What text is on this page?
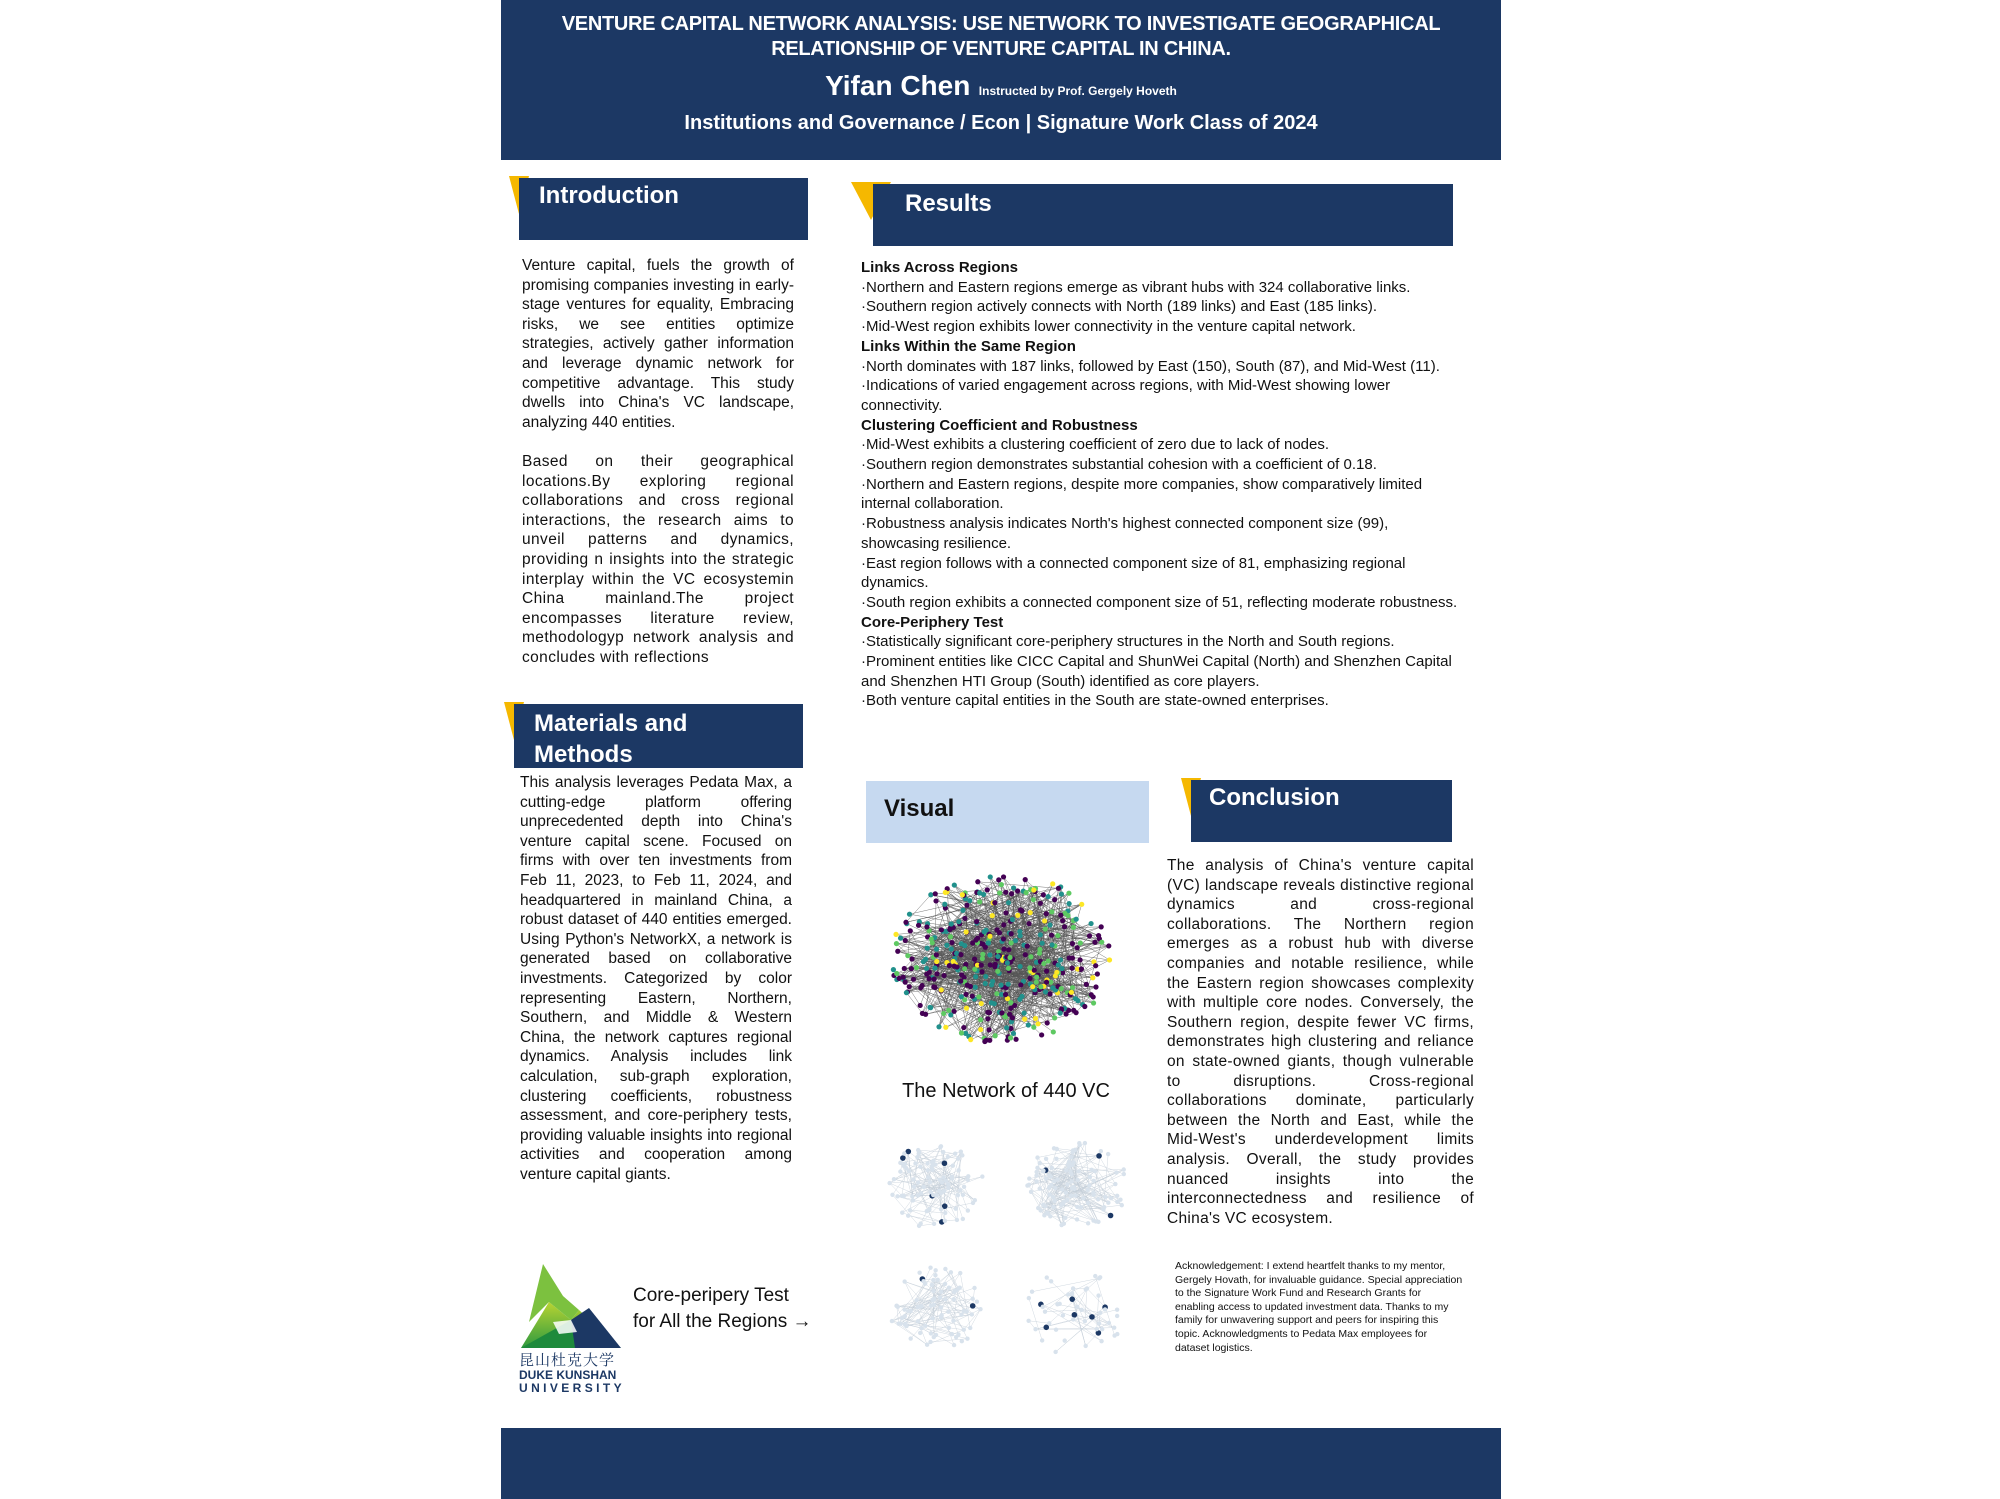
VENTURE CAPITAL NETWORK ANALYSIS: USE NETWORK TO INVESTIGATE GEOGRAPHICAL RELATIONSHIP OF VENTURE CAPITAL IN CHINA.
Yifan Chen Instructed by Prof. Gergely Hoveth
Institutions and Governance / Econ | Signature Work Class of 2024
Introduction
Venture capital, fuels the growth of promising companies investing in early-stage ventures for equality, Embracing risks, we see entities optimize strategies, actively gather information and leverage dynamic network for competitive advantage. This study dwells into China's VC landscape, analyzing 440 entities.
Based on their geographical locations.By exploring regional collaborations and cross regional interactions, the research aims to unveil patterns and dynamics, providing n insights into the strategic interplay within the VC ecosystemin China mainland.The project encompasses literature review, methodologyp network analysis and concludes with reflections
Materials and
Methods
This analysis leverages Pedata Max, a cutting-edge platform offering unprecedented depth into China's venture capital scene. Focused on firms with over ten investments from Feb 11, 2023, to Feb 11, 2024, and headquartered in mainland China, a robust dataset of 440 entities emerged. Using Python's NetworkX, a network is generated based on collaborative investments. Categorized by color representing Eastern, Northern, Southern, and Middle & Western China, the network captures regional dynamics. Analysis includes link calculation, sub-graph exploration, clustering coefficients, robustness assessment, and core-periphery tests, providing valuable insights into regional activities and cooperation among venture capital giants.
昆山杜克大学
DUKE KUNSHAN
UNIVERSITY
Core-peripery Test
for All the Regions →
Results

Links Across Regions

·Northern and Eastern regions emerge as vibrant hubs with 324 collaborative links.

·Southern region actively connects with North (189 links) and East (185 links).

·Mid-West region exhibits lower connectivity in the venture capital network.

Links Within the Same Region

·North dominates with 187 links, followed by East (150), South (87), and Mid-West (11).

·Indications of varied engagement across regions, with Mid-West showing lower connectivity.

Clustering Coefficient and Robustness

·Mid-West exhibits a clustering coefficient of zero due to lack of nodes.

·Southern region demonstrates substantial cohesion with a coefficient of 0.18.

·Northern and Eastern regions, despite more companies, show comparatively limited internal collaboration.

·Robustness analysis indicates North's highest connected component size (99), showcasing resilience.

·East region follows with a connected component size of 81, emphasizing regional dynamics.

·South region exhibits a connected component size of 51, reflecting moderate robustness.

Core-Periphery Test

·Statistically significant core-periphery structures in the North and South regions.

·Prominent entities like CICC Capital and ShunWei Capital (North) and Shenzhen Capital and Shenzhen HTI Group (South) identified as core players.

·Both venture capital entities in the South are state-owned enterprises.

Visual
The Network of 440 VC
Conclusion
The analysis of China's venture capital (VC) landscape reveals distinctive regional dynamics and cross-regional collaborations. The Northern region emerges as a robust hub with diverse companies and notable resilience, while the Eastern region showcases complexity with multiple core nodes. Conversely, the Southern region, despite fewer VC firms, demonstrates high clustering and reliance on state-owned giants, though vulnerable to disruptions. Cross-regional collaborations dominate, particularly between the North and East, while the Mid-West's underdevelopment limits analysis. Overall, the study provides nuanced insights into the interconnectedness and resilience of China's VC ecosystem.
Acknowledgement: I extend heartfelt thanks to my mentor, Gergely Hovath, for invaluable guidance. Special appreciation to the Signature Work Fund and Research Grants for enabling access to updated investment data. Thanks to my family for unwavering support and peers for inspiring this topic. Acknowledgments to Pedata Max employees for dataset logistics.
